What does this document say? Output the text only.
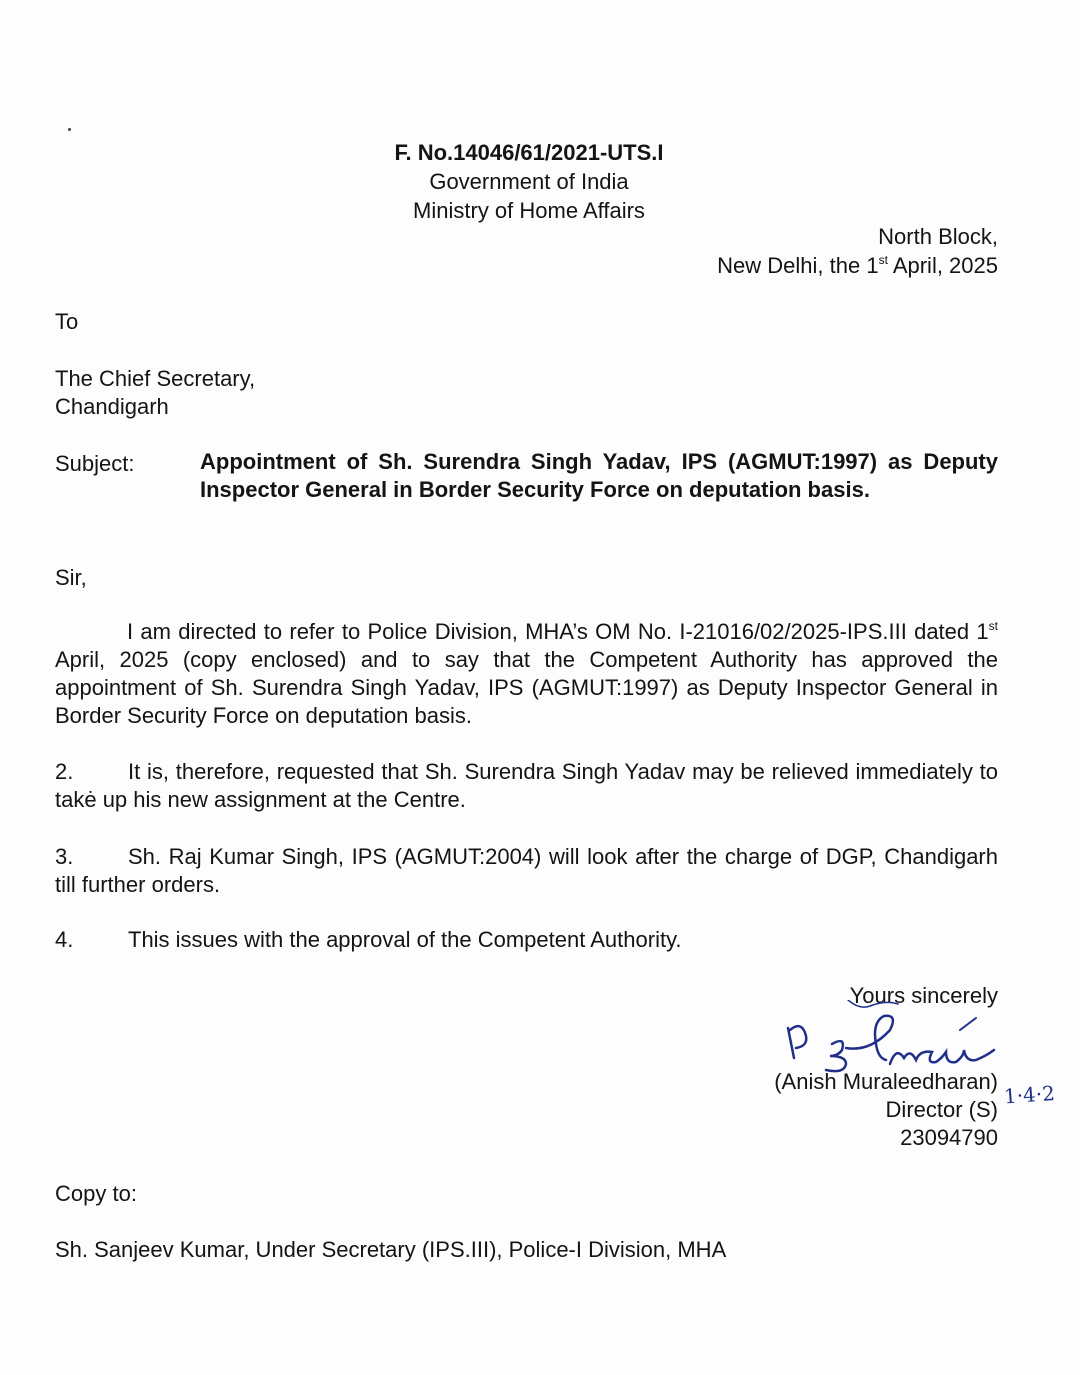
F. No.14046/61/2021-UTS.I
Government of India
Ministry of Home Affairs
North Block,
New Delhi, the 1st April, 2025
To
The Chief Secretary,
Chandigarh
Subject:	Appointment of Sh. Surendra Singh Yadav, IPS (AGMUT:1997) as Deputy Inspector General in Border Security Force on deputation basis.
Sir,
I am directed to refer to Police Division, MHA’s OM No. I-21016/02/2025-IPS.III dated 1st April, 2025 (copy enclosed) and to say that the Competent Authority has approved the appointment of Sh. Surendra Singh Yadav, IPS (AGMUT:1997) as Deputy Inspector General in Border Security Force on deputation basis.
2. It is, therefore, requested that Sh. Surendra Singh Yadav may be relieved immediately to takė up his new assignment at the Centre.
3. Sh. Raj Kumar Singh, IPS (AGMUT:2004) will look after the charge of DGP, Chandigarh till further orders.
4. This issues with the approval of the Competent Authority.
Yours sincerely
(Anish Muraleedharan)
Director (S)
23094790
1·4·2
Copy to:
Sh. Sanjeev Kumar, Under Secretary (IPS.III), Police-I Division, MHA
